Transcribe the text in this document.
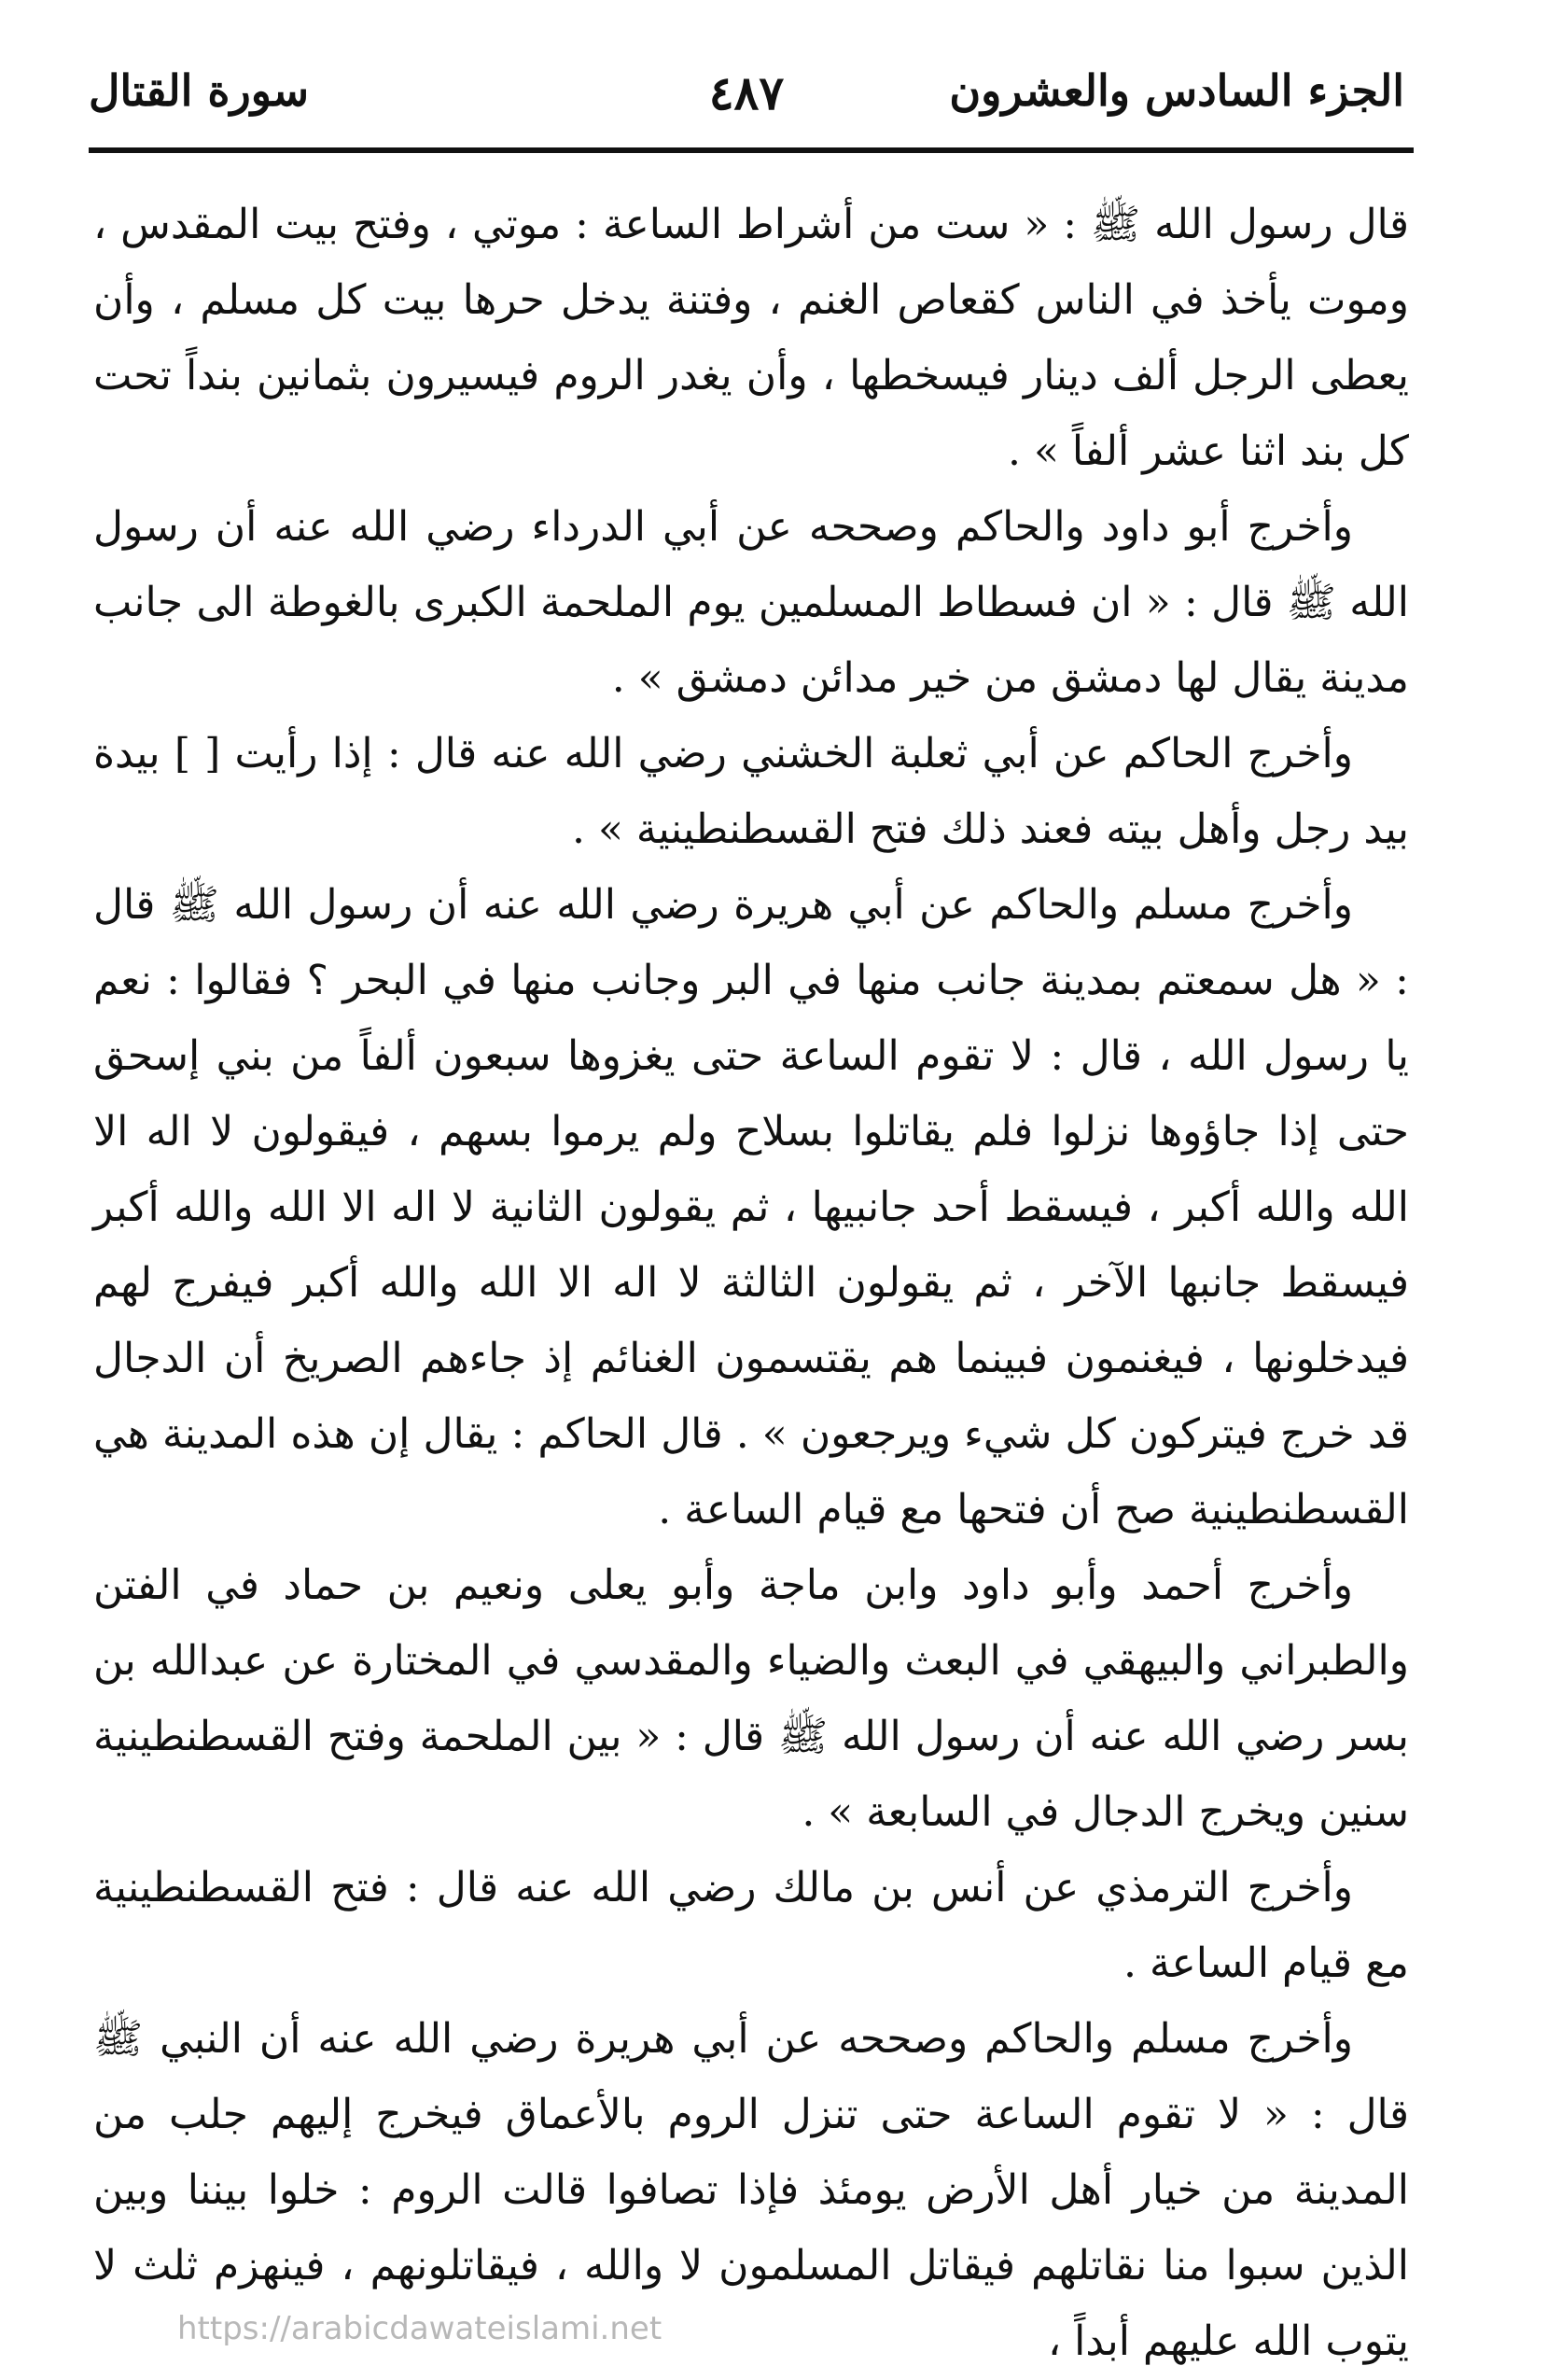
الجزء السادس والعشرون
٤٨٧
سورة القتال

قال رسول الله ﷺ : « ست من أشراط الساعة : موتي ، وفتح بيت المقدس ، وموت يأخذ في الناس كقعاص الغنم ، وفتنة يدخل حرها بيت كل مسلم ، وأن يعطى الرجل ألف دينار فيسخطها ، وأن يغدر الروم فيسيرون بثمانين بنداً تحت كل بند اثنا عشر ألفاً » .

وأخرج أبو داود والحاكم وصححه عن أبي الدرداء رضي الله عنه أن رسول الله ﷺ قال : « ان فسطاط المسلمين يوم الملحمة الكبرى بالغوطة الى جانب مدينة يقال لها دمشق من خير مدائن دمشق » .

وأخرج الحاكم عن أبي ثعلبة الخشني رضي الله عنه قال : إذا رأيت [ ] بيدة بيد رجل وأهل بيته فعند ذلك فتح القسطنطينية » .

وأخرج مسلم والحاكم عن أبي هريرة رضي الله عنه أن رسول الله ﷺ قال : « هل سمعتم بمدينة جانب منها في البر وجانب منها في البحر ؟ فقالوا : نعم يا رسول الله ، قال : لا تقوم الساعة حتى يغزوها سبعون ألفاً من بني إسحق حتى إذا جاؤوها نزلوا فلم يقاتلوا بسلاح ولم يرموا بسهم ، فيقولون لا اله الا الله والله أكبر ، فيسقط أحد جانبيها ، ثم يقولون الثانية لا اله الا الله والله أكبر فيسقط جانبها الآخر ، ثم يقولون الثالثة لا اله الا الله والله أكبر فيفرج لهم فيدخلونها ، فيغنمون فبينما هم يقتسمون الغنائم إذ جاءهم الصريخ أن الدجال قد خرج فيتركون كل شيء ويرجعون » . قال الحاكم : يقال إن هذه المدينة هي القسطنطينية صح أن فتحها مع قيام الساعة .

وأخرج أحمد وأبو داود وابن ماجة وأبو يعلى ونعيم بن حماد في الفتن والطبراني والبيهقي في البعث والضياء والمقدسي في المختارة عن عبدالله بن بسر رضي الله عنه أن رسول الله ﷺ قال : « بين الملحمة وفتح القسطنطينية سنين ويخرج الدجال في السابعة » .

وأخرج الترمذي عن أنس بن مالك رضي الله عنه قال : فتح القسطنطينية مع قيام الساعة .

وأخرج مسلم والحاكم وصححه عن أبي هريرة رضي الله عنه أن النبي ﷺ قال : « لا تقوم الساعة حتى تنزل الروم بالأعماق فيخرج إليهم جلب من المدينة من خيار أهل الأرض يومئذ فإذا تصافوا قالت الروم : خلوا بيننا وبين الذين سبوا منا نقاتلهم فيقاتل المسلمون لا والله ، فيقاتلونهم ، فينهزم ثلث لا يتوب الله عليهم أبداً ،

https://arabicdawateislami.net
